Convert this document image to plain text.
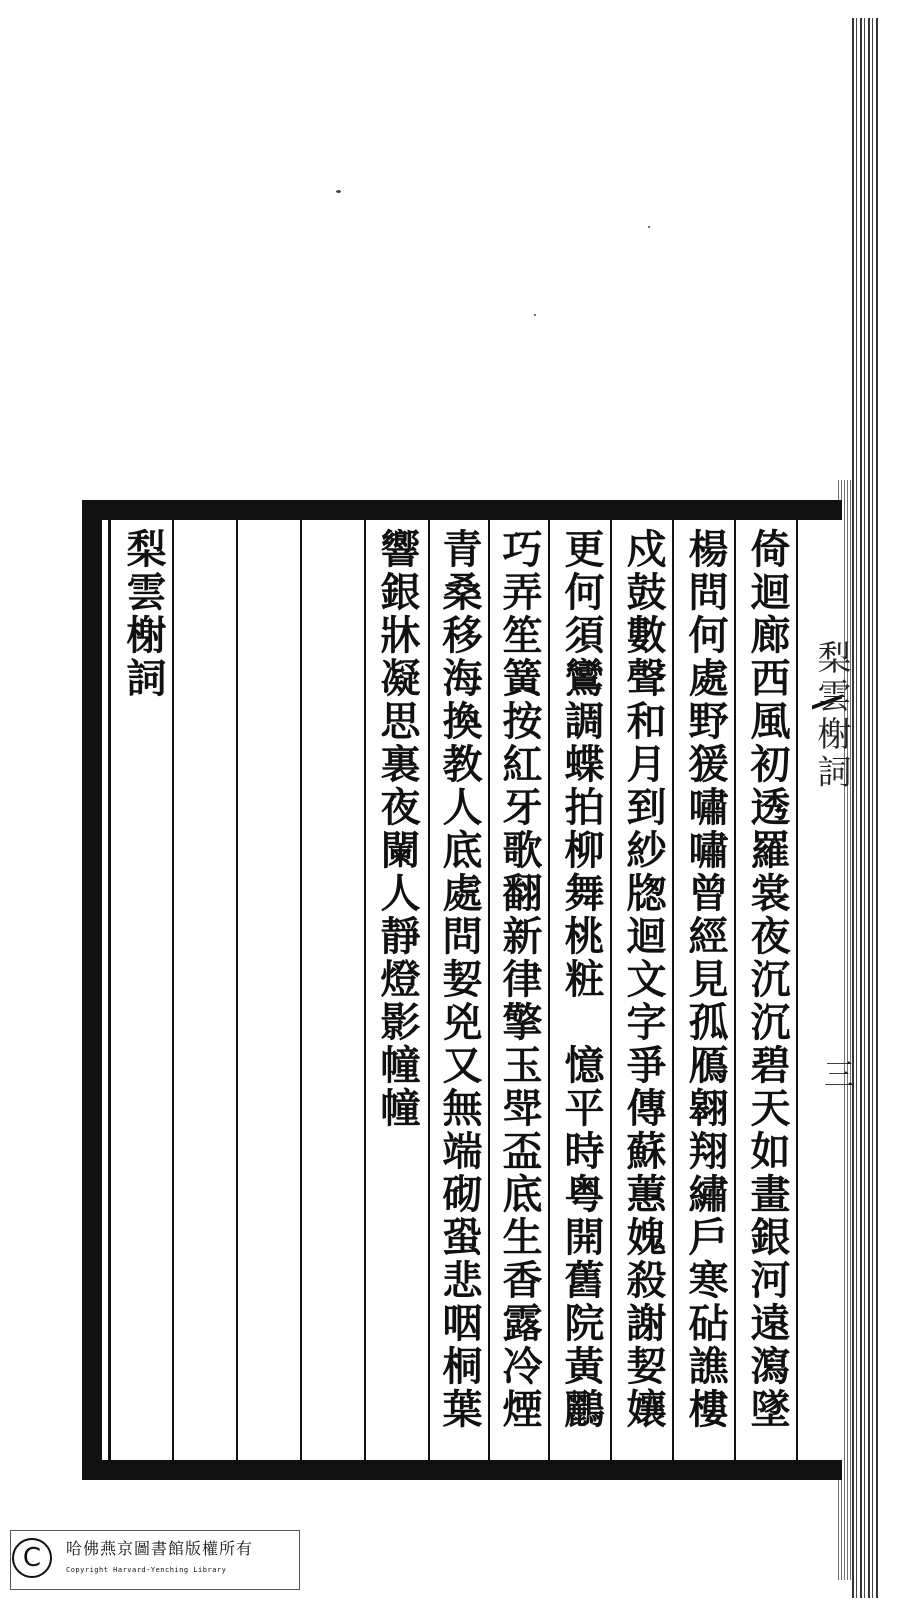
倚迴廊西風初透羅裳夜沉沉碧天如畫銀河遠瀉墜
楊問何處野猨嘯嘯曾經見孤鴈翱翔繡戶寒砧譙樓
戍鼓數聲和月到紗牎迴文字爭傳蘇蕙媿殺謝㛃孃
更何須鸞調蝶拍柳舞桃粧　憶平時粤開舊院黃鸝
巧弄笙簧按紅牙歌翻新律擎玉斝盃底生香露冷煙
青桑移海換教人底處問㛃兇又無端砌蛩悲咽桐葉
響銀牀凝思裏夜闌人靜燈影幢幢
梨雲榭詞
梨雲榭詞
三
C	哈佛燕京圖書館版權所有
Copyright Harvard-Yenching Library
